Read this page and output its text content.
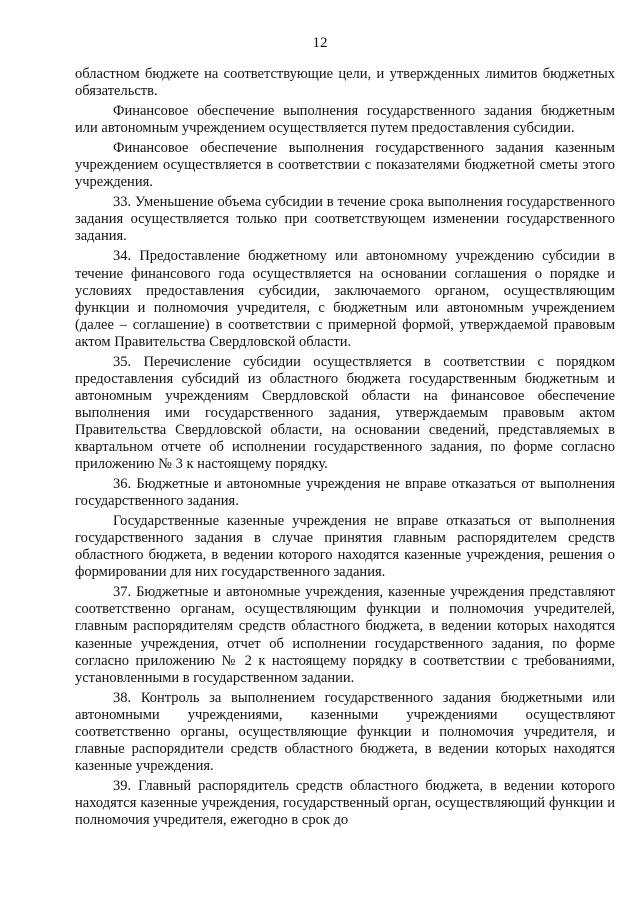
12

областном бюджете на соответствующие цели, и утвержденных лимитов бюджетных обязательств.

Финансовое обеспечение выполнения государственного задания бюджетным или автономным учреждением осуществляется путем предоставления субсидии.

Финансовое обеспечение выполнения государственного задания казенным учреждением осуществляется в соответствии с показателями бюджетной сметы этого учреждения.

33. Уменьшение объема субсидии в течение срока выполнения государственного задания осуществляется только при соответствующем изменении государственного задания.

34. Предоставление бюджетному или автономному учреждению субсидии в течение финансового года осуществляется на основании соглашения о порядке и условиях предоставления субсидии, заключаемого органом, осуществляющим функции и полномочия учредителя, с бюджетным или автономным учреждением (далее – соглашение) в соответствии с примерной формой, утверждаемой правовым актом Правительства Свердловской области.

35. Перечисление субсидии осуществляется в соответствии с порядком предоставления субсидий из областного бюджета государственным бюджетным и автономным учреждениям Свердловской области на финансовое обеспечение выполнения ими государственного задания, утверждаемым правовым актом Правительства Свердловской области, на основании сведений, представляемых в квартальном отчете об исполнении государственного задания, по форме согласно приложению № 3 к настоящему порядку.

36. Бюджетные и автономные учреждения не вправе отказаться от выполнения государственного задания.

Государственные казенные учреждения не вправе отказаться от выполнения государственного задания в случае принятия главным распорядителем средств областного бюджета, в ведении которого находятся казенные учреждения, решения о формировании для них государственного задания.

37. Бюджетные и автономные учреждения, казенные учреждения представляют соответственно органам, осуществляющим функции и полномочия учредителей, главным распорядителям средств областного бюджета, в ведении которых находятся казенные учреждения, отчет об исполнении государственного задания, по форме согласно приложению № 2 к настоящему порядку в соответствии с требованиями, установленными в государственном задании.

38. Контроль за выполнением государственного задания бюджетными или автономными учреждениями, казенными учреждениями осуществляют соответственно органы, осуществляющие функции и полномочия учредителя, и главные распорядители средств областного бюджета, в ведении которых находятся казенные учреждения.

39. Главный распорядитель средств областного бюджета, в ведении которого находятся казенные учреждения, государственный орган, осуществляющий функции и полномочия учредителя, ежегодно в срок до
